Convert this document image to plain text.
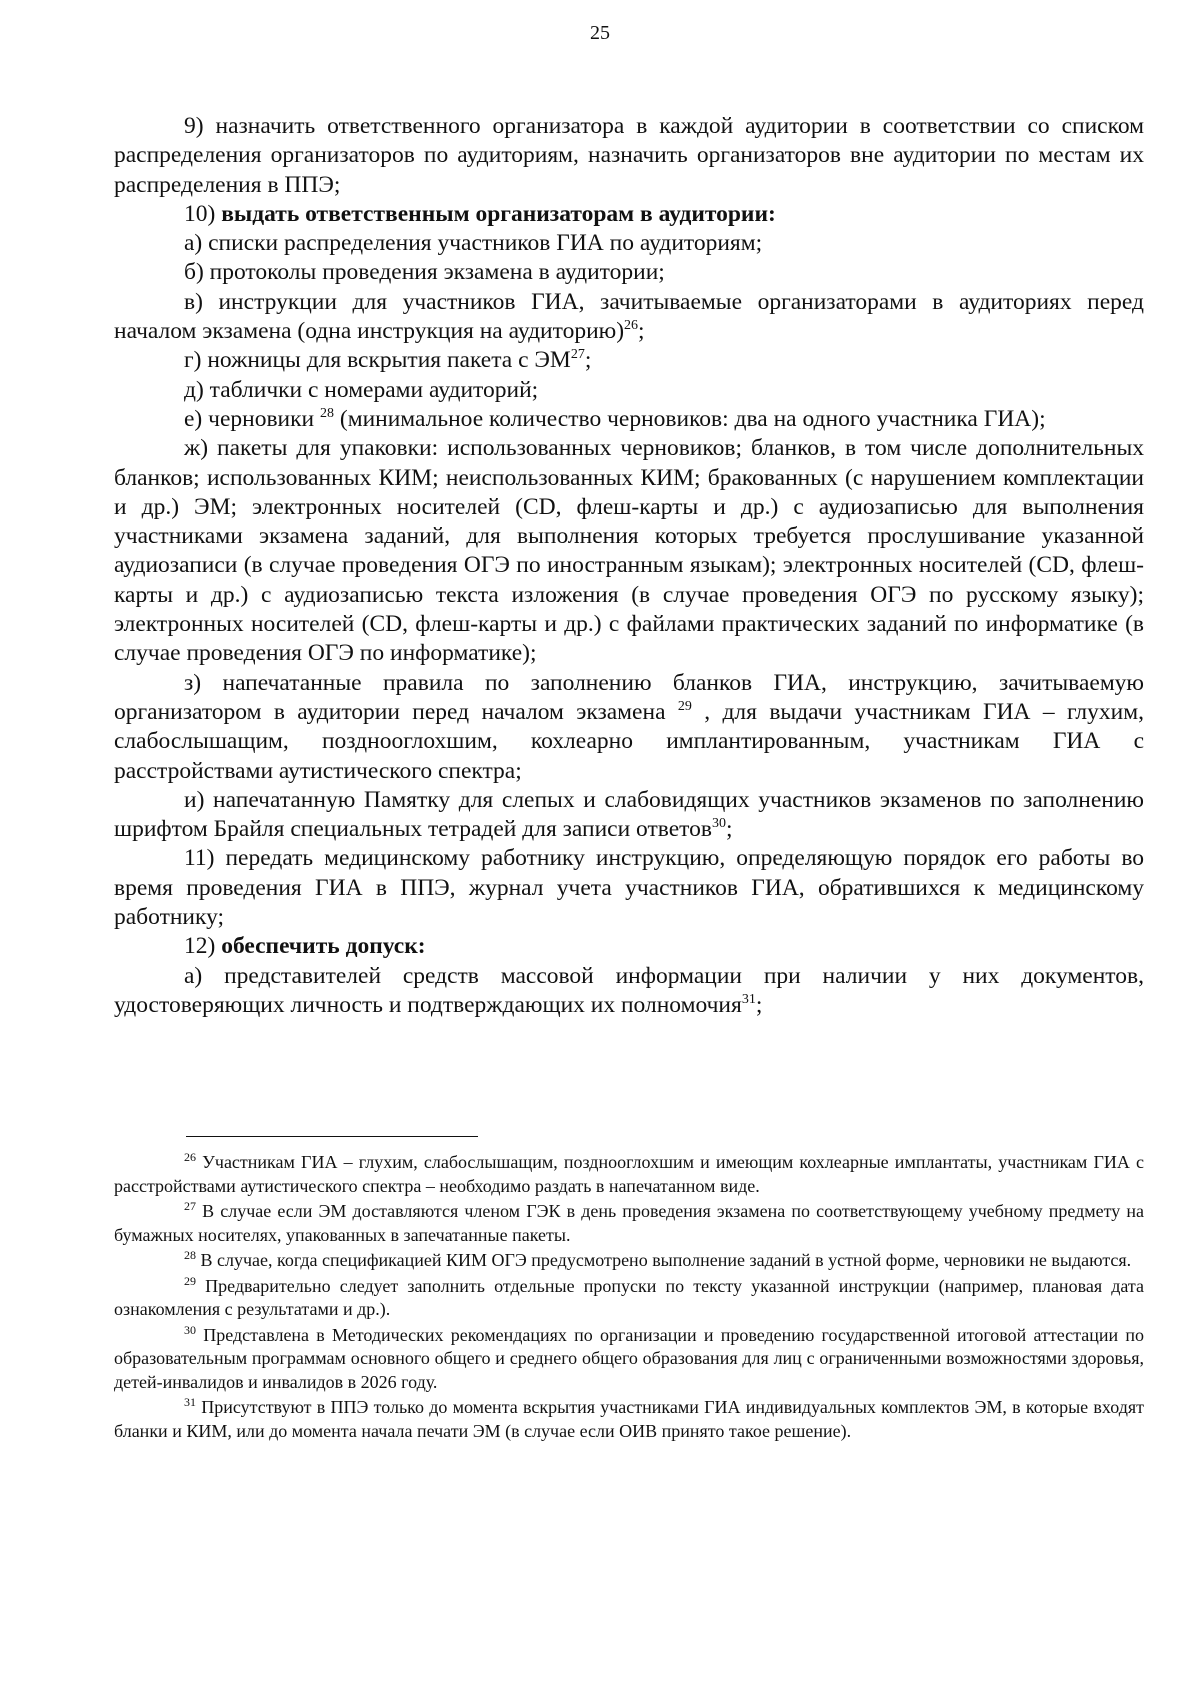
25

9) назначить ответственного организатора в каждой аудитории в соответствии со списком распределения организаторов по аудиториям, назначить организаторов вне аудитории по местам их распределения в ППЭ;

10) выдать ответственным организаторам в аудитории:

а) списки распределения участников ГИА по аудиториям;

б) протоколы проведения экзамена в аудитории;

в) инструкции для участников ГИА, зачитываемые организаторами в аудиториях перед началом экзамена (одна инструкция на аудиторию)$^{26}$;

г) ножницы для вскрытия пакета с ЭМ$^{27}$;

д) таблички с номерами аудиторий;

е) черновики $^{28}$ (минимальное количество черновиков: два на одного участника ГИА);

ж) пакеты для упаковки: использованных черновиков; бланков, в том числе дополнительных бланков; использованных КИМ; неиспользованных КИМ; бракованных (с нарушением комплектации и др.) ЭМ; электронных носителей (CD, флеш-карты и др.) с аудиозаписью для выполнения участниками экзамена заданий, для выполнения которых требуется прослушивание указанной аудиозаписи (в случае проведения ОГЭ по иностранным языкам); электронных носителей (CD, флеш-карты и др.) с аудиозаписью текста изложения (в случае проведения ОГЭ по русскому языку); электронных носителей (CD, флеш-карты и др.) с файлами практических заданий по информатике (в случае проведения ОГЭ по информатике);

з) напечатанные правила по заполнению бланков ГИА, инструкцию, зачитываемую организатором в аудитории перед началом экзамена $^{29}$ , для выдачи участникам ГИА – глухим, слабослышащим, позднооглохшим, кохлеарно имплантированным, участникам ГИА с расстройствами аутистического спектра;

и) напечатанную Памятку для слепых и слабовидящих участников экзаменов по заполнению шрифтом Брайля специальных тетрадей для записи ответов$^{30}$;

11) передать медицинскому работнику инструкцию, определяющую порядок его работы во время проведения ГИА в ППЭ, журнал учета участников ГИА, обратившихся к медицинскому работнику;

12) обеспечить допуск:

а) представителей средств массовой информации при наличии у них документов, удостоверяющих личность и подтверждающих их полномочия$^{31}$;

$^{26}$ Участникам ГИА – глухим, слабослышащим, позднооглохшим и имеющим кохлеарные имплантаты, участникам ГИА с расстройствами аутистического спектра – необходимо раздать в напечатанном виде.

$^{27}$ В случае если ЭМ доставляются членом ГЭК в день проведения экзамена по соответствующему учебному предмету на бумажных носителях, упакованных в запечатанные пакеты.

$^{28}$ В случае, когда спецификацией КИМ ОГЭ предусмотрено выполнение заданий в устной форме, черновики не выдаются.

$^{29}$ Предварительно следует заполнить отдельные пропуски по тексту указанной инструкции (например, плановая дата ознакомления с результатами и др.).

$^{30}$ Представлена в Методических рекомендациях по организации и проведению государственной итоговой аттестации по образовательным программам основного общего и среднего общего образования для лиц с ограниченными возможностями здоровья, детей-инвалидов и инвалидов в 2026 году.

$^{31}$ Присутствуют в ППЭ только до момента вскрытия участниками ГИА индивидуальных комплектов ЭМ, в которые входят бланки и КИМ, или до момента начала печати ЭМ (в случае если ОИВ принято такое решение).
